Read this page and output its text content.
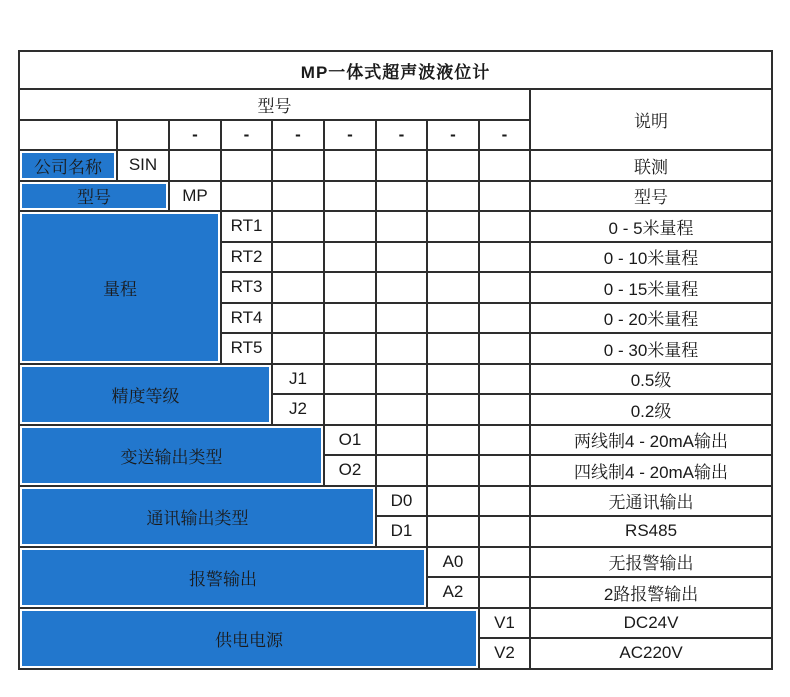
MP一体式超声波液位计									
型号									说明
		-	-	-	-	-	-	-	
公司名称	SIN								联测
型号		MP							型号
量程			RT1						0 - 5米量程
			RT2						0 - 10米量程
			RT3						0 - 15米量程
			RT4						0 - 20米量程
			RT5						0 - 30米量程
精度等级				J1					0.5级
				J2					0.2级
变送输出类型					O1				两线制4 - 20mA输出
					O2				四线制4 - 20mA输出
通讯输出类型						D0			无通讯输出
						D1			RS485
报警输出							A0		无报警输出
							A2		2路报警输出
供电电源								V1	DC24V
								V2	AC220V
